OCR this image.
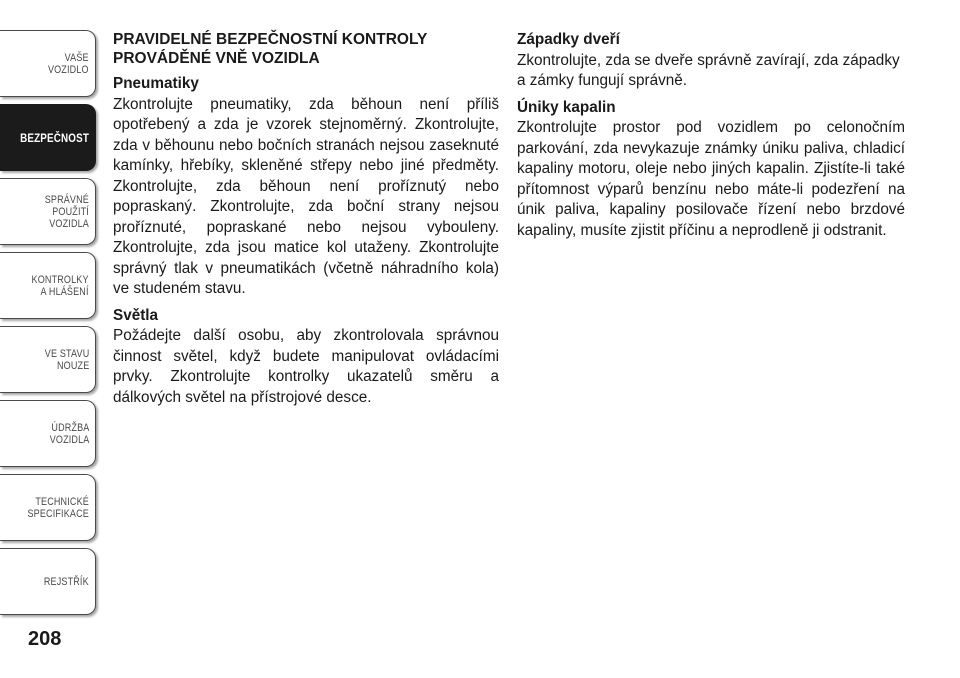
VAŠE
VOZIDLO
BEZPEČNOST
SPRÁVNÉ
POUŽITÍ
VOZIDLA
KONTROLKY
A HLÁŠENÍ
VE STAVU
NOUZE
ÚDRŽBA
VOZIDLA
TECHNICKÉ
SPECIFIKACE
REJSTŘÍK
208
PRAVIDELNÉ BEZPEČNOSTNÍ KONTROLY PROVÁDĚNÉ VNĚ VOZIDLA
Pneumatiky

Zkontrolujte pneumatiky, zda běhoun není příliš opotřebený a zda je vzorek stejnoměrný. Zkontrolujte, zda v běhounu nebo bočních stranách nejsou zaseknuté kamínky, hřebíky, skleněné střepy nebo jiné předměty. Zkontrolujte, zda běhoun není proříznutý nebo popraskaný. Zkontrolujte, zda boční strany nejsou proříznuté, popraskané nebo nejsou vybouleny. Zkontrolujte, zda jsou matice kol utaženy. Zkontrolujte správný tlak v pneumatikách (včetně náhradního kola) ve studeném stavu.

Světla

Požádejte další osobu, aby zkontrolovala správnou činnost světel, když budete manipulovat ovládacími prvky. Zkontrolujte kontrolky ukazatelů směru a dálkových světel na přístrojové desce.

Západky dveří

Zkontrolujte, zda se dveře správně zavírají, zda západky a zámky fungují správně.

Úniky kapalin

Zkontrolujte prostor pod vozidlem po celonočním parkování, zda nevykazuje známky úniku paliva, chladicí kapaliny motoru, oleje nebo jiných kapalin. Zjistíte-li také přítomnost výparů benzínu nebo máte-li podezření na únik paliva, kapaliny posilovače řízení nebo brzdové kapaliny, musíte zjistit příčinu a neprodleně ji odstranit.
